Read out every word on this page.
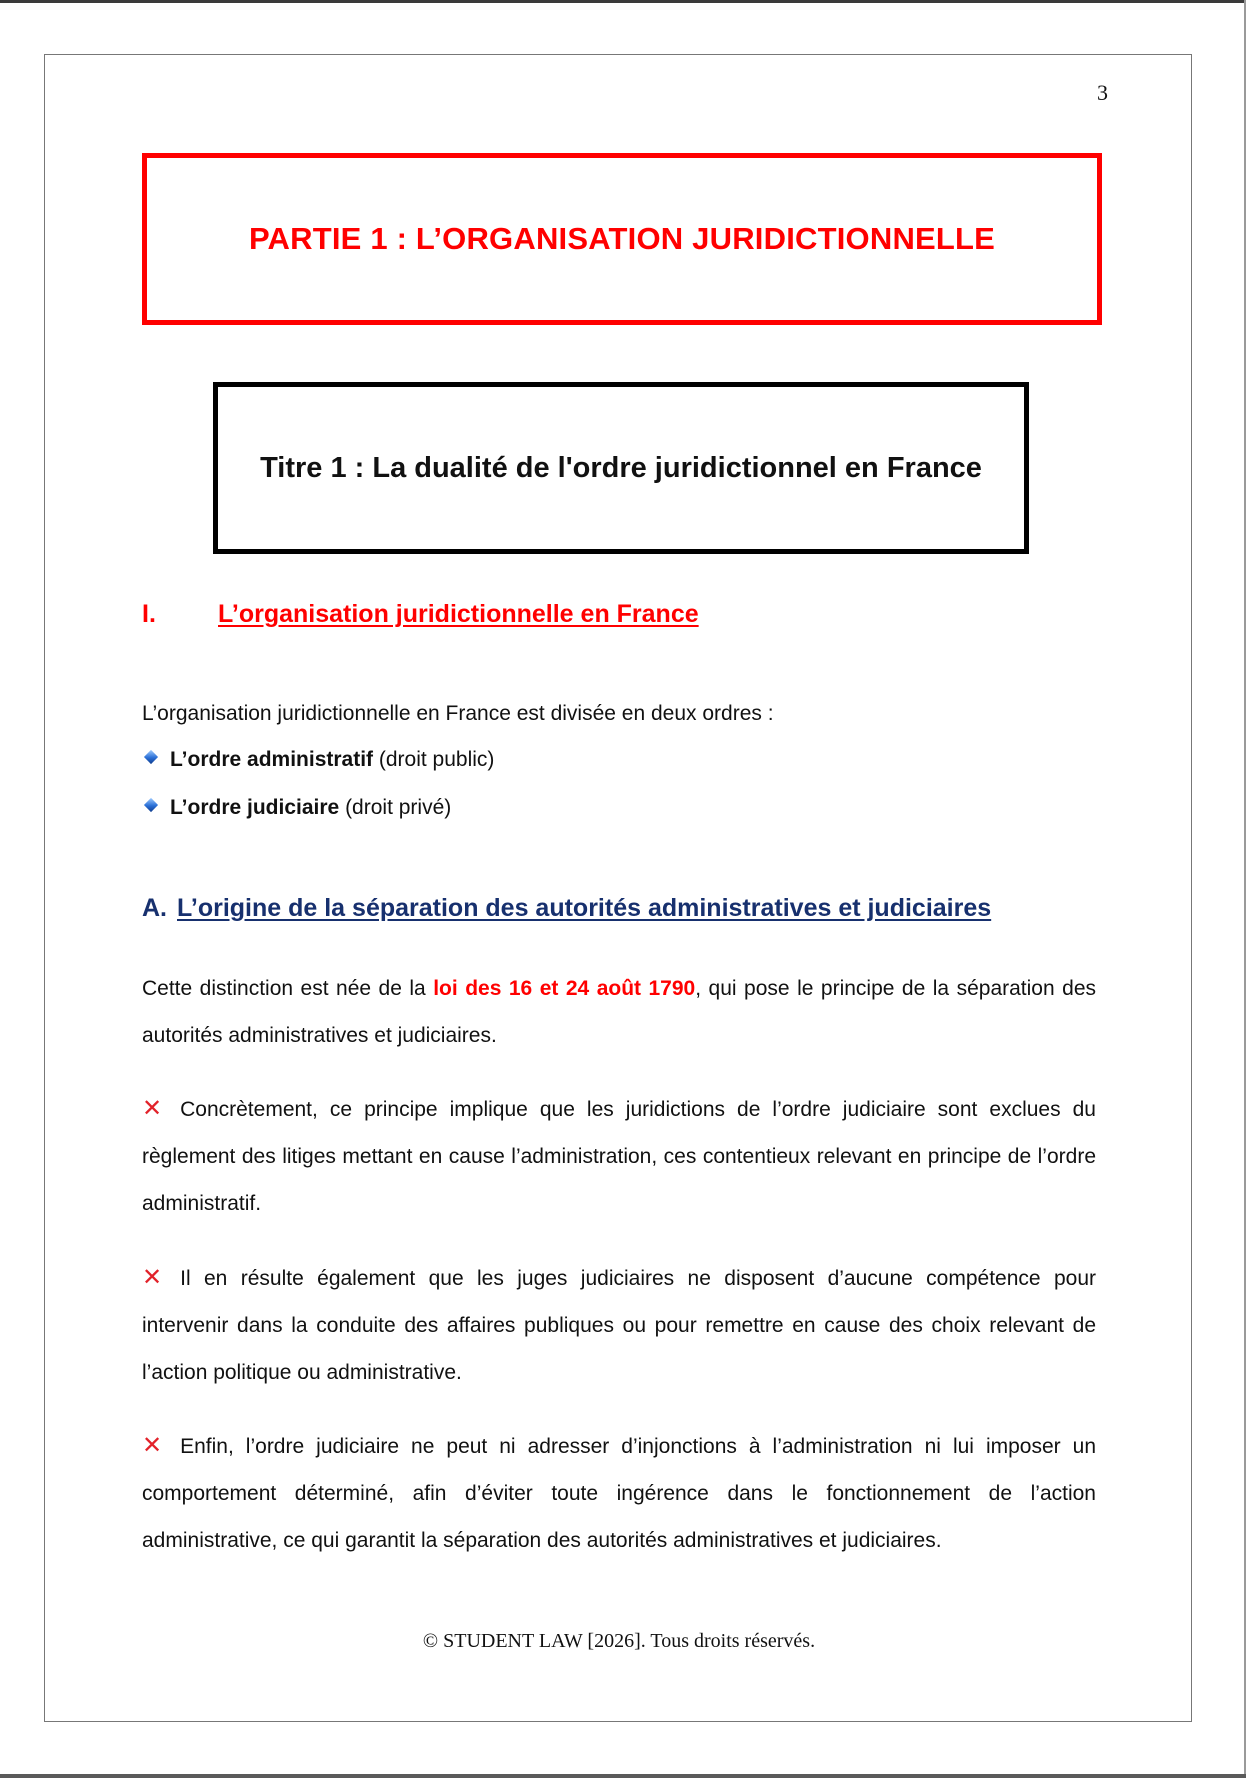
3
PARTIE 1 : L’ORGANISATION JURIDICTIONNELLE
Titre 1 : La dualité de l'ordre juridictionnel en France
I. L’organisation juridictionnelle en France
L’organisation juridictionnelle en France est divisée en deux ordres :
L’ordre administratif (droit public)
L’ordre judiciaire (droit privé)
A. L’origine de la séparation des autorités administratives et judiciaires
Cette distinction est née de la loi des 16 et 24 août 1790, qui pose le principe de la séparation des autorités administratives et judiciaires.
✕ Concrètement, ce principe implique que les juridictions de l’ordre judiciaire sont exclues du règlement des litiges mettant en cause l’administration, ces contentieux relevant en principe de l’ordre administratif.
✕ Il en résulte également que les juges judiciaires ne disposent d’aucune compétence pour intervenir dans la conduite des affaires publiques ou pour remettre en cause des choix relevant de l’action politique ou administrative.
✕ Enfin, l’ordre judiciaire ne peut ni adresser d’injonctions à l’administration ni lui imposer un comportement déterminé, afin d’éviter toute ingérence dans le fonctionnement de l’action administrative, ce qui garantit la séparation des autorités administratives et judiciaires.
© STUDENT LAW [2026]. Tous droits réservés.
